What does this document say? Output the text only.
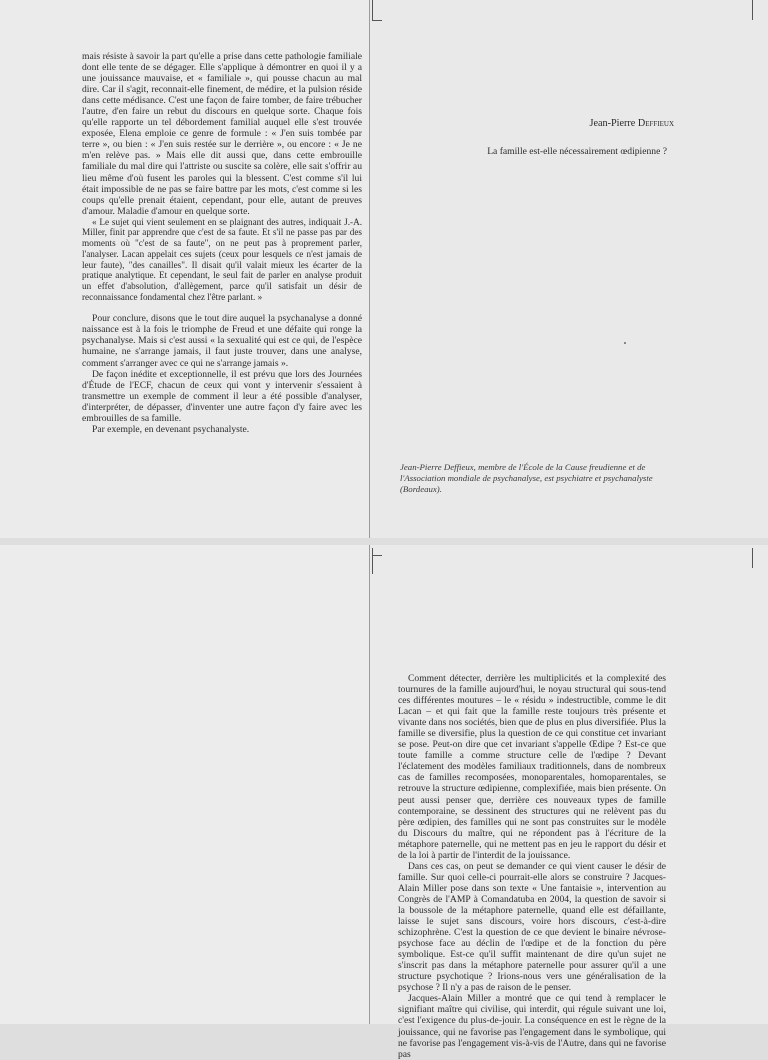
mais résiste à savoir la part qu'elle a prise dans cette pathologie familiale dont elle tente de se dégager. Elle s'applique à démontrer en quoi il y a une jouissance mauvaise, et « familiale », qui pousse chacun au mal dire. Car il s'agit, reconnait-elle finement, de médire, et la pulsion réside dans cette médisance. C'est une façon de faire tomber, de faire trébucher l'autre, d'en faire un rebut du discours en quelque sorte. Chaque fois qu'elle rapporte un tel débordement familial auquel elle s'est trouvée exposée, Elena emploie ce genre de formule : « J'en suis tombée par terre », ou bien : « J'en suis restée sur le derrière », ou encore : « Je ne m'en relève pas. » Mais elle dit aussi que, dans cette embrouille familiale du mal dire qui l'attriste ou suscite sa colère, elle sait s'offrir au lieu même d'où fusent les paroles qui la blessent. C'est comme s'il lui était impossible de ne pas se faire battre par les mots, c'est comme si les coups qu'elle prenait étaient, cependant, pour elle, autant de preuves d'amour. Maladie d'amour en quelque sorte.

« Le sujet qui vient seulement en se plaignant des autres, indiquait J.-A. Miller, finit par apprendre que c'est de sa faute. Et s'il ne passe pas par des moments où "c'est de sa faute", on ne peut pas à proprement parler, l'analyser. Lacan appelait ces sujets (ceux pour lesquels ce n'est jamais de leur faute), "des canailles". Il disait qu'il valait mieux les écarter de la pratique analytique. Et cependant, le seul fait de parler en analyse produit un effet d'absolution, d'allègement, parce qu'il satisfait un désir de reconnaissance fondamental chez l'être parlant. »

Pour conclure, disons que le tout dire auquel la psychanalyse a donné naissance est à la fois le triomphe de Freud et une défaite qui ronge la psychanalyse. Mais si c'est aussi « la sexualité qui est ce qui, de l'espèce humaine, ne s'arrange jamais, il faut juste trouver, dans une analyse, comment s'arranger avec ce qui ne s'arrange jamais ».

De façon inédite et exceptionnelle, il est prévu que lors des Journées d'Étude de l'ECF, chacun de ceux qui vont y intervenir s'essaient à transmettre un exemple de comment il leur a été possible d'analyser, d'interpréter, de dépasser, d'inventer une autre façon d'y faire avec les embrouilles de sa famille.

Par exemple, en devenant psychanalyste.

Jean-Pierre Deffieux
La famille est-elle nécessairement œdipienne ?
Jean-Pierre Deffieux, membre de l'École de la Cause freudienne et de l'Association mondiale de psychanalyse, est psychiatre et psychanalyste (Bordeaux).

Comment détecter, derrière les multiplicités et la complexité des tournures de la famille aujourd'hui, le noyau structural qui sous-tend ces différentes moutures – le « résidu » indestructible, comme le dit Lacan – et qui fait que la famille reste toujours très présente et vivante dans nos sociétés, bien que de plus en plus diversifiée. Plus la famille se diversifie, plus la question de ce qui constitue cet invariant se pose. Peut-on dire que cet invariant s'appelle Œdipe ? Est-ce que toute famille a comme structure celle de l'œdipe ? Devant l'éclatement des modèles familiaux traditionnels, dans de nombreux cas de familles recomposées, monoparentales, homoparentales, se retrouve la structure œdipienne, complexifiée, mais bien présente. On peut aussi penser que, derrière ces nouveaux types de famille contemporaine, se dessinent des structures qui ne relèvent pas du père œdipien, des familles qui ne sont pas construites sur le modèle du Discours du maître, qui ne répondent pas à l'écriture de la métaphore paternelle, qui ne mettent pas en jeu le rapport du désir et de la loi à partir de l'interdit de la jouissance.

Dans ces cas, on peut se demander ce qui vient causer le désir de famille. Sur quoi celle-ci pourrait-elle alors se construire ? Jacques-Alain Miller pose dans son texte « Une fantaisie », intervention au Congrès de l'AMP à Comandatuba en 2004, la question de savoir si la boussole de la métaphore paternelle, quand elle est défaillante, laisse le sujet sans discours, voire hors discours, c'est-à-dire schizophrène. C'est la question de ce que devient le binaire névrose-psychose face au déclin de l'œdipe et de la fonction du père symbolique. Est-ce qu'il suffit maintenant de dire qu'un sujet ne s'inscrit pas dans la métaphore paternelle pour assurer qu'il a une structure psychotique ? Irions-nous vers une généralisation de la psychose ? Il n'y a pas de raison de le penser.

Jacques-Alain Miller a montré que ce qui tend à remplacer le signifiant maître qui civilise, qui interdit, qui régule suivant une loi, c'est l'exigence du plus-de-jouir. La conséquence en est le règne de la jouissance, qui ne favorise pas l'engagement dans le symbolique, qui ne favorise pas l'engagement vis-à-vis de l'Autre, dans qui ne favorise pas
